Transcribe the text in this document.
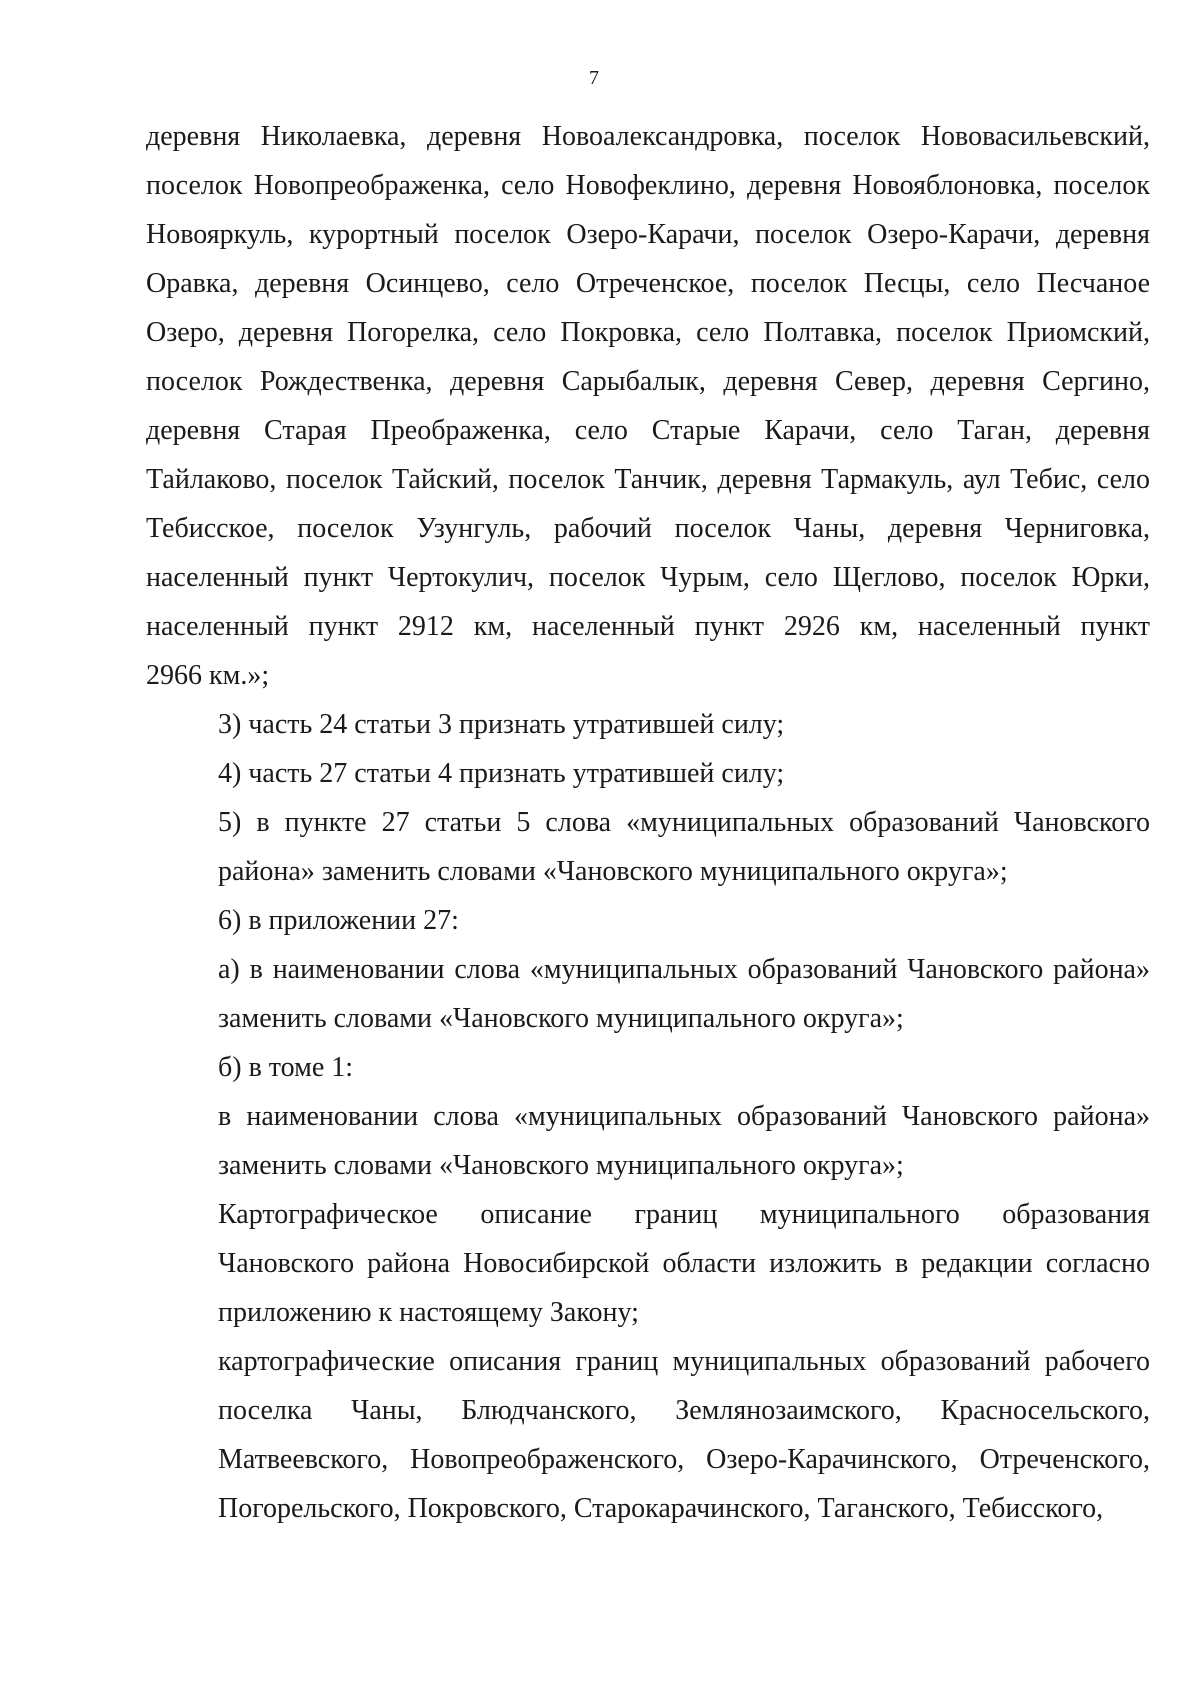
7

деревня Николаевка, деревня Новоалександровка, поселок Нововасильевский,
поселок Новопреображенка, село Новофеклино, деревня Новояблоновка, поселок
Новояркуль, курортный поселок Озеро-Карачи, поселок Озеро-Карачи, деревня
Оравка, деревня Осинцево, село Отреченское, поселок Песцы, село Песчаное
Озеро, деревня Погорелка, село Покровка, село Полтавка, поселок Приомский,
поселок Рождественка, деревня Сарыбалык, деревня Север, деревня Сергино,
деревня Старая Преображенка, село Старые Карачи, село Таган, деревня
Тайлаково, поселок Тайский, поселок Танчик, деревня Тармакуль, аул Тебис, село
Тебисское, поселок Узунгуль, рабочий поселок Чаны, деревня Черниговка,
населенный пункт Чертокулич, поселок Чурым, село Щеглово, поселок Юрки,
населенный пункт 2912 км, населенный пункт 2926 км, населенный пункт
2966 км.»;

3) часть 24 статьи 3 признать утратившей силу;

4) часть 27 статьи 4 признать утратившей силу;

5) в пункте 27 статьи 5 слова «муниципальных образований Чановского
района» заменить словами «Чановского муниципального округа»;

6) в приложении 27:

а) в наименовании слова «муниципальных образований Чановского района»
заменить словами «Чановского муниципального округа»;

б) в томе 1:

в наименовании слова «муниципальных образований Чановского района»
заменить словами «Чановского муниципального округа»;

Картографическое описание границ муниципального образования
Чановского района Новосибирской области изложить в редакции согласно
приложению к настоящему Закону;

картографические описания границ муниципальных образований рабочего
поселка Чаны, Блюдчанского, Землянозаимского, Красносельского,
Матвеевского, Новопреображенского, Озеро-Карачинского, Отреченского,
Погорельского, Покровского, Старокарачинского, Таганского, Тебисского,
